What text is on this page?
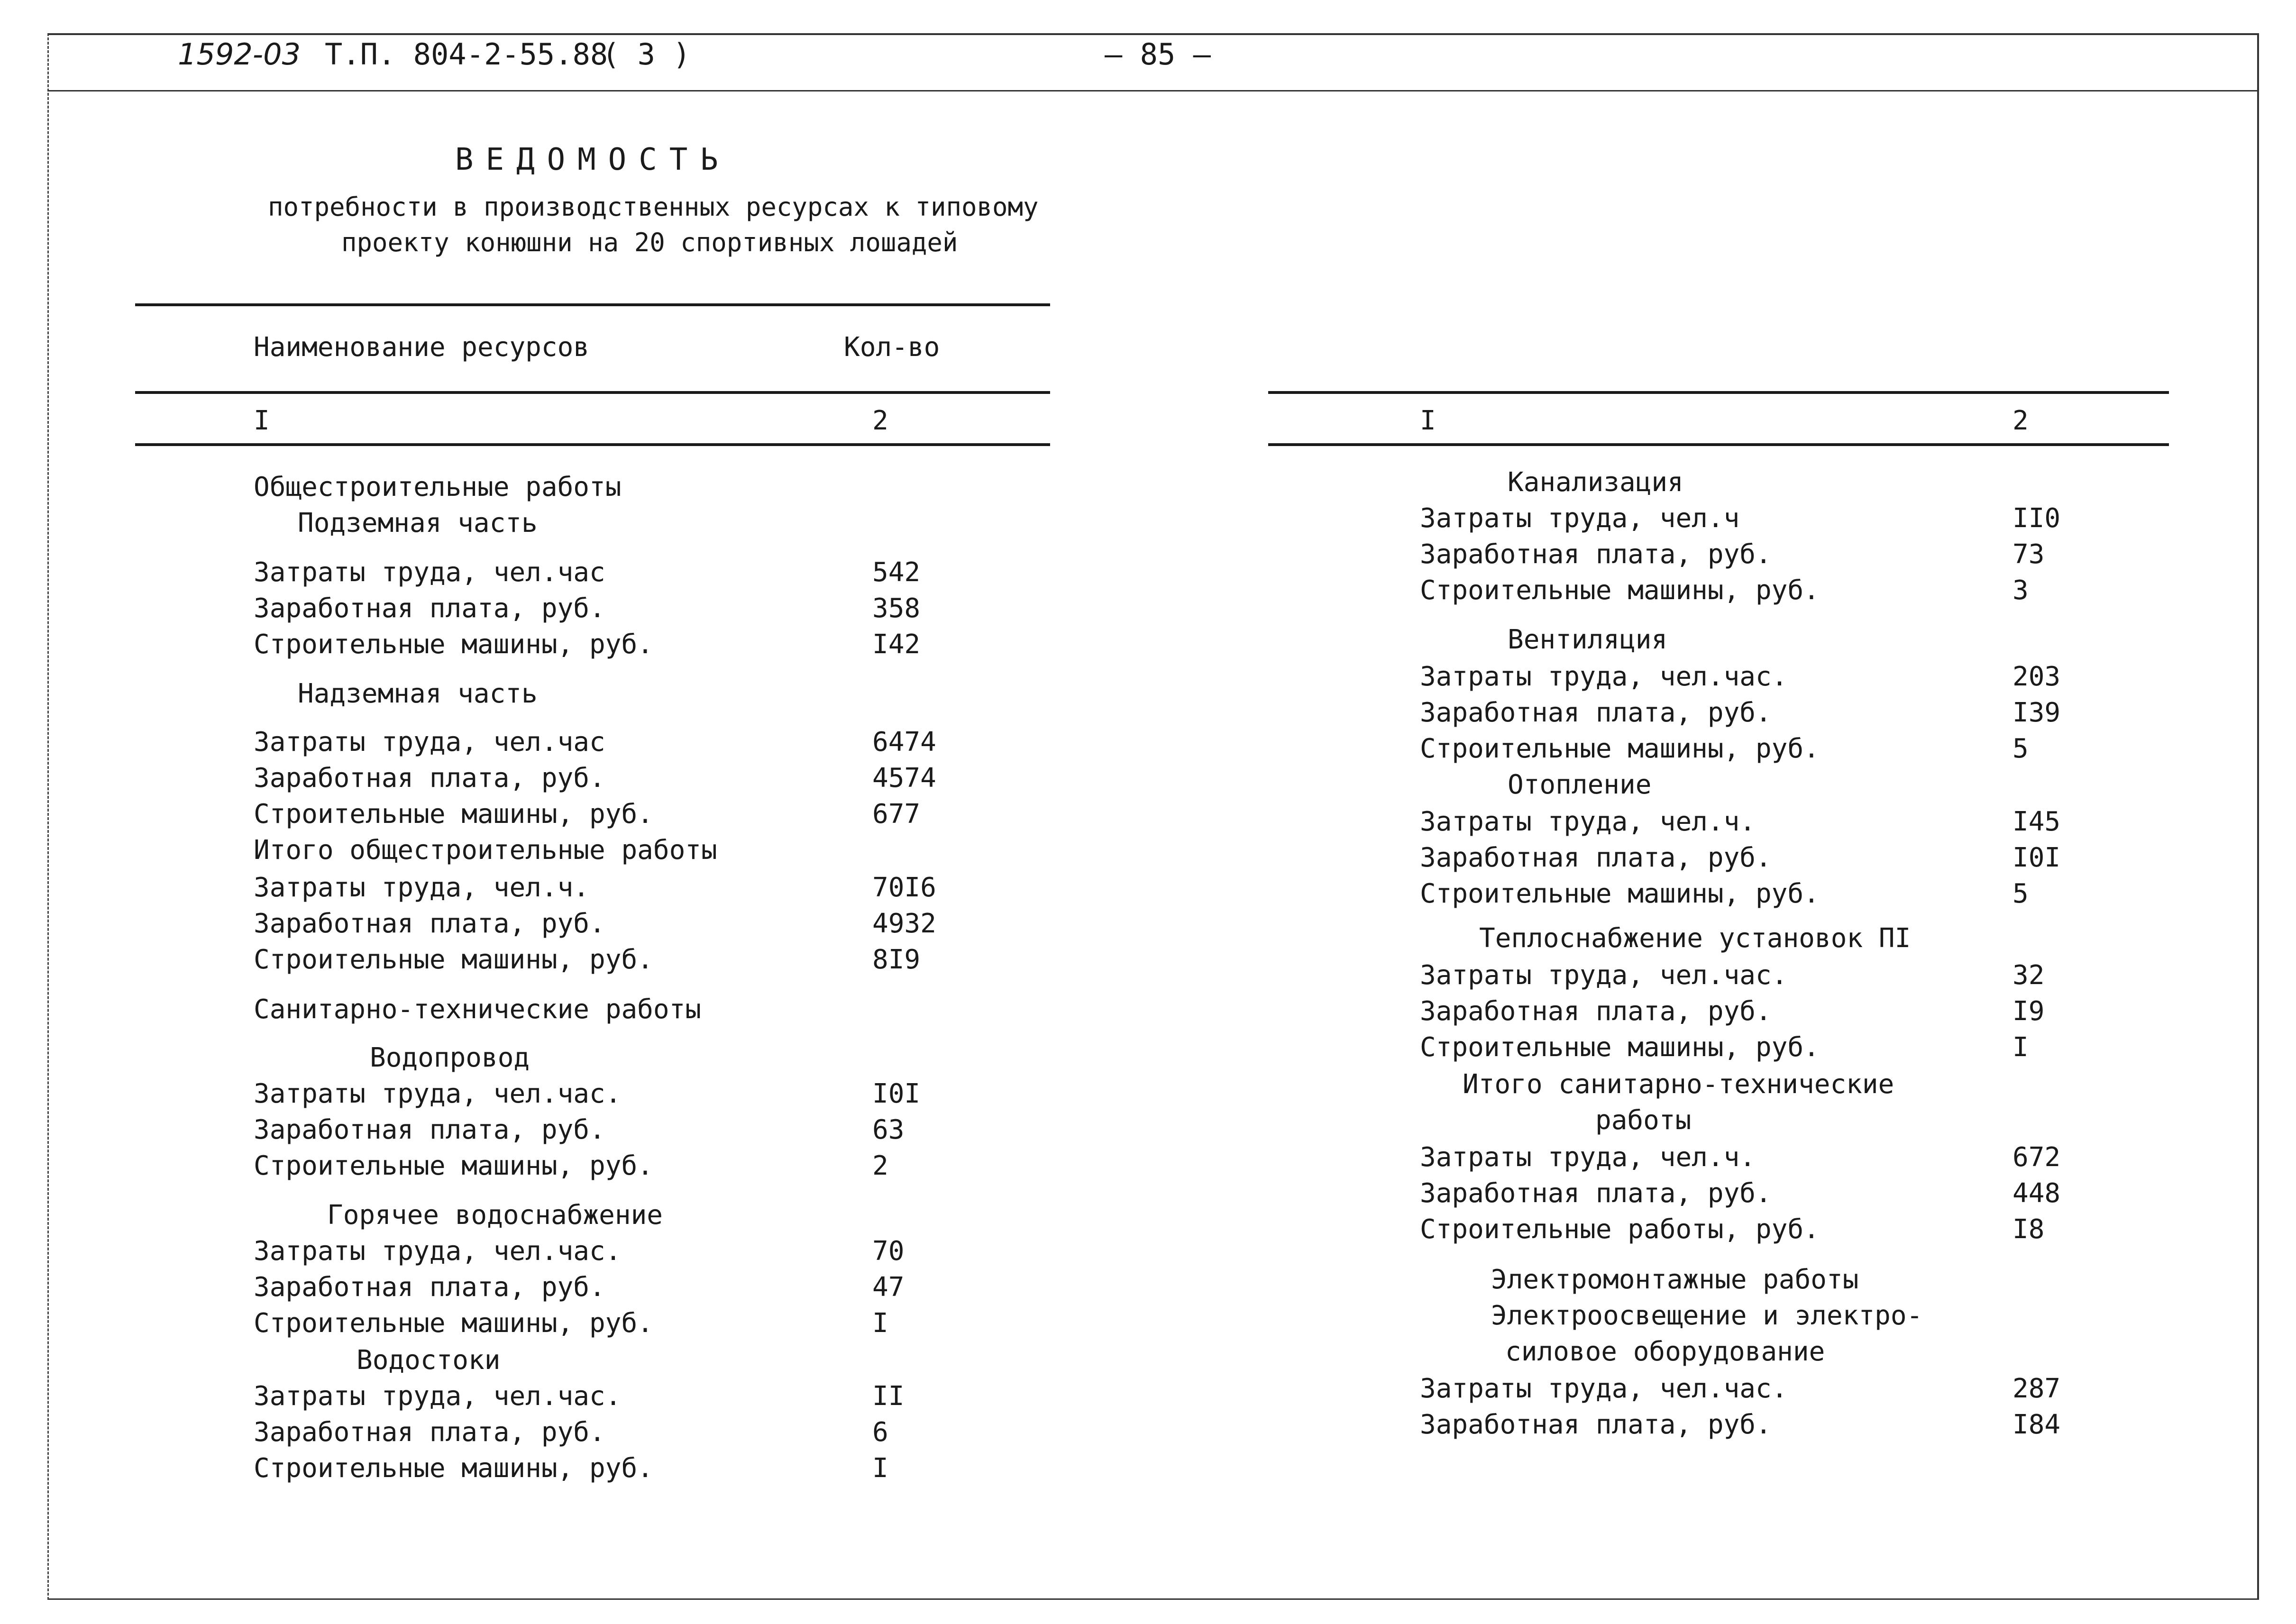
1592-03 Т.П. 804-2-55.88
( 3 )	— 85 —
ВЕДОМОСТЬ
потребности в производственных ресурсах к типовому
проекту конюшни на 20 спортивных лошадей
Наименование ресурсов	Кол-во
I	2	I	2
Общестроительные работы
Подземная часть
Затраты труда, чел.час	542
Заработная плата, руб.	358
Строительные машины, руб.	I42
Надземная часть
Затраты труда, чел.час	6474
Заработная плата, руб.	4574
Строительные машины, руб.	677
Итого общестроительные работы
Затраты труда, чел.ч.	70I6
Заработная плата, руб.	4932
Строительные машины, руб.	8I9
Санитарно-технические работы
Водопровод
Затраты труда, чел.час.	I0I
Заработная плата, руб.	63
Строительные машины, руб.	2
Горячее водоснабжение
Затраты труда, чел.час.	70
Заработная плата, руб.	47
Строительные машины, руб.	I
Водостоки
Затраты труда, чел.час.	II
Заработная плата, руб.	6
Строительные машины, руб.	I
Канализация
Затраты труда, чел.ч	II0
Заработная плата, руб.	73
Строительные машины, руб.	3
Вентиляция
Затраты труда, чел.час.	203
Заработная плата, руб.	I39
Строительные машины, руб.	5
Отопление
Затраты труда, чел.ч.	I45
Заработная плата, руб.	I0I
Строительные машины, руб.	5
Теплоснабжение установок ПI
Затраты труда, чел.час.	32
Заработная плата, руб.	I9
Строительные машины, руб.	I
Итого санитарно-технические
работы
Затраты труда, чел.ч.	672
Заработная плата, руб.	448
Строительные работы, руб.	I8
Электромонтажные работы
Электроосвещение и электро-
силовое оборудование
Затраты труда, чел.час.	287
Заработная плата, руб.	I84
